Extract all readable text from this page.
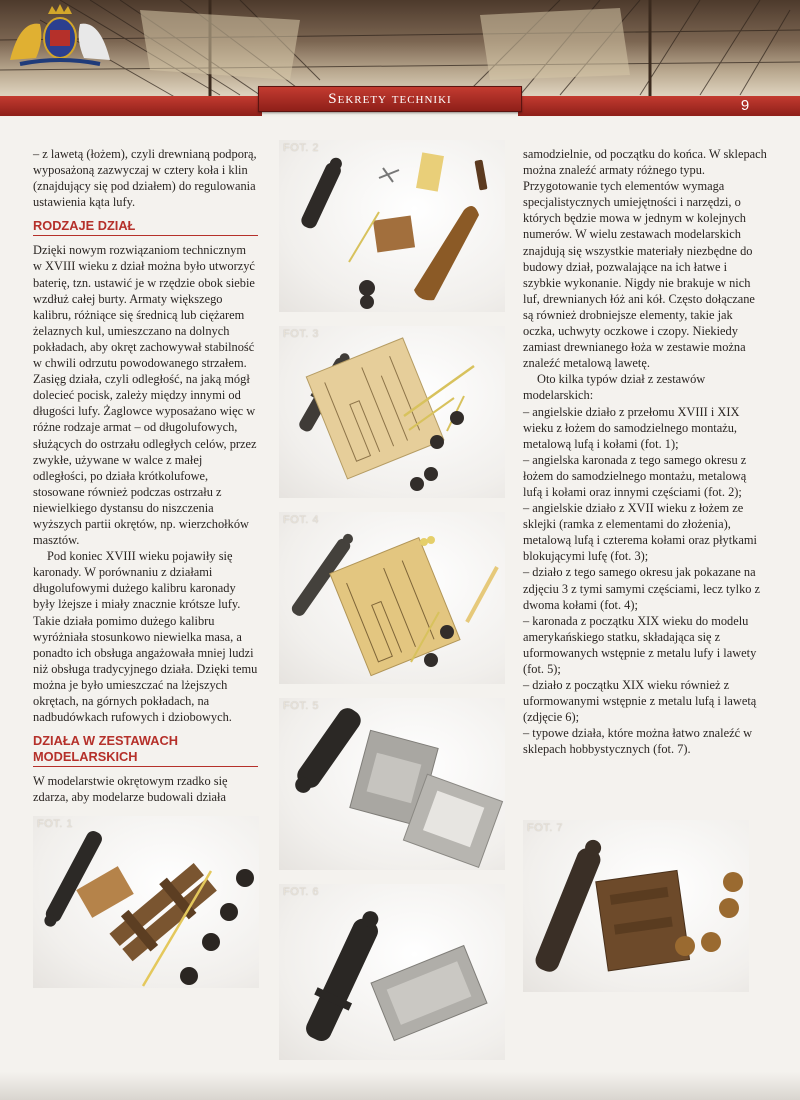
Sekrety techniki	9

– z lawetą (łożem), czyli drewnianą podporą, wyposażoną zazwyczaj w cztery koła i klin (znajdujący się pod działem) do regulowania ustawienia kąta lufy.

RODZAJE DZIAŁ

Dzięki nowym rozwiązaniom technicznym w XVIII wieku z dział można było utworzyć baterię, tzn. ustawić je w rzędzie obok siebie wzdłuż całej burty. Armaty większego kalibru, różniące się średnicą lub ciężarem żelaznych kul, umieszczano na dolnych pokładach, aby okręt zachowywał stabilność w chwili odrzutu powodowanego strzałem. Zasięg działa, czyli odległość, na jaką mógł dolecieć pocisk, zależy między innymi od długości lufy. Żaglowce wyposażano więc w różne rodzaje armat – od długolufowych, służących do ostrzału odległych celów, przez zwykłe, używane w walce z małej odległości, po działa krótkolufowe, stosowane również podczas ostrzału z niewielkiego dystansu do niszczenia wyższych partii okrętów, np. wierzchołków masztów.

Pod koniec XVIII wieku pojawiły się karonady. W porównaniu z działami długolufowymi dużego kalibru karonady były lżejsze i miały znacznie krótsze lufy. Takie działa pomimo dużego kalibru wyróżniała stosunkowo niewielka masa, a ponadto ich obsługa angażowała mniej ludzi niż obsługa tradycyjnego działa. Dzięki temu można je było umieszczać na lżejszych okrętach, na górnych pokładach, na nadbudówkach rufowych i dziobowych.

DZIAŁA W ZESTAWACH MODELARSKICH

W modelarstwie okrętowym rzadko się zdarza, aby modelarze budowali działa

samodzielnie, od początku do końca. W sklepach można znaleźć armaty różnego typu. Przygotowanie tych elementów wymaga specjalistycznych umiejętności i narzędzi, o których będzie mowa w jednym w kolejnych numerów. W wielu zestawach modelarskich znajdują się wszystkie materiały niezbędne do budowy dział, pozwalające na ich łatwe i szybkie wykonanie. Nigdy nie brakuje w nich luf, drewnianych łóż ani kół. Często dołączane są również drobniejsze elementy, takie jak oczka, uchwyty oczkowe i czopy. Niekiedy zamiast drewnianego łoża w zestawie można znaleźć metalową lawetę.

Oto kilka typów dział z zestawów modelarskich:

– angielskie działo z przełomu XVIII i XIX wieku z łożem do samodzielnego montażu, metalową lufą i kołami (fot. 1);

– angielska karonada z tego samego okresu z łożem do samodzielnego montażu, metalową lufą i kołami oraz innymi częściami (fot. 2);

– angielskie działo z XVII wieku z łożem ze sklejki (ramka z elementami do złożenia), metalową lufą i czterema kołami oraz płytkami blokującymi lufę (fot. 3);

– działo z tego samego okresu jak pokazane na zdjęciu 3 z tymi samymi częściami, lecz tylko z dwoma kołami (fot. 4);

– karonada z początku XIX wieku do modelu amerykańskiego statku, składająca się z uformowanych wstępnie z metalu lufy i lawety (fot. 5);

– działo z początku XIX wieku również z uformowanymi wstępnie z metalu lufą i lawetą (zdjęcie 6);

– typowe działa, które można łatwo znaleźć w sklepach hobbystycznych (fot. 7).

FOT. 2
FOT. 3
FOT. 4
FOT. 5
FOT. 6
FOT. 1	FOT. 7
